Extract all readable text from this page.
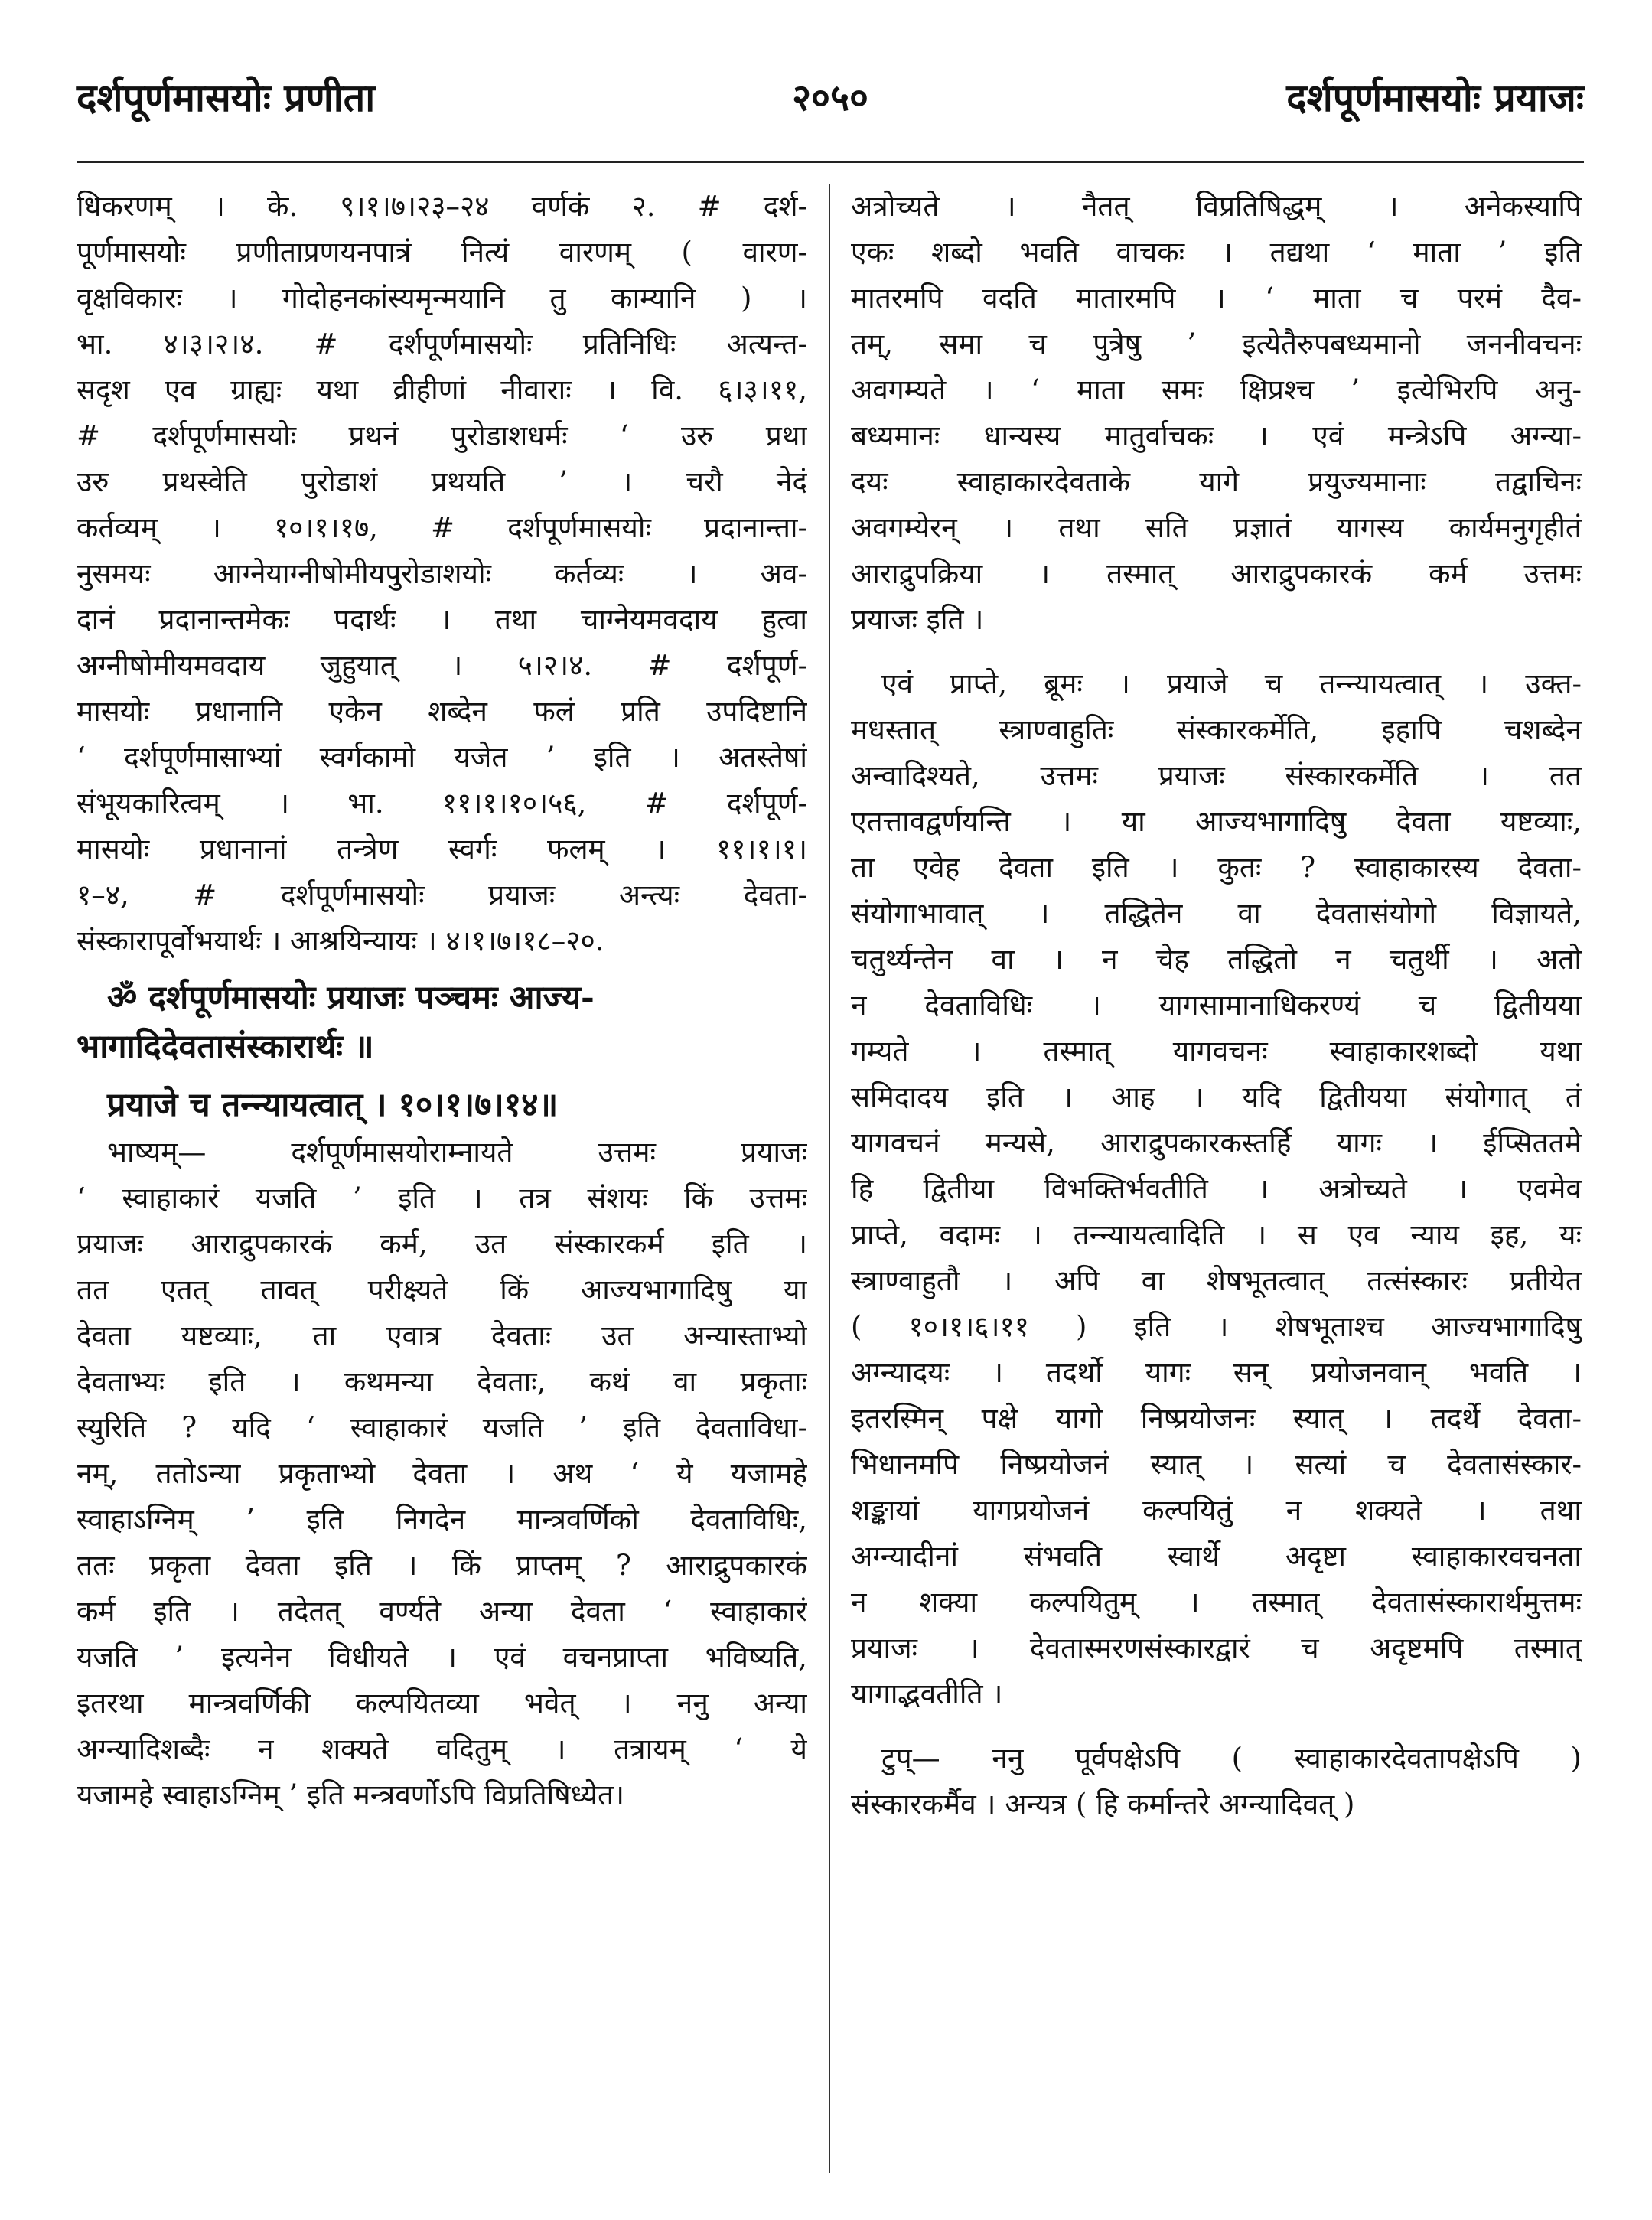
दर्शपूर्णमासयोः प्रणीता	२०५०	दर्शपूर्णमासयोः प्रयाजः
धिकरणम् । के. ९।१।७।२३–२४ वर्णकं २. # दर्श-
पूर्णमासयोः प्रणीताप्रणयनपात्रं नित्यं वारणम् ( वारण-
वृक्षविकारः । गोदोहनकांस्यमृन्मयानि तु काम्यानि ) ।
भा. ४।३।२।४. # दर्शपूर्णमासयोः प्रतिनिधिः अत्यन्त-
सदृश एव ग्राह्यः यथा व्रीहीणां नीवाराः । वि. ६।३।११,
# दर्शपूर्णमासयोः प्रथनं पुरोडाशधर्मः ‘ उरु प्रथा
उरु प्रथस्वेति पुरोडाशं प्रथयति ’ । चरौ नेदं
कर्तव्यम् । १०।१।१७, # दर्शपूर्णमासयोः प्रदानान्ता-
नुसमयः आग्नेयाग्नीषोमीयपुरोडाशयोः कर्तव्यः । अव-
दानं प्रदानान्तमेकः पदार्थः । तथा चाग्नेयमवदाय हुत्वा
अग्नीषोमीयमवदाय जुहुयात् । ५।२।४. # दर्शपूर्ण-
मासयोः प्रधानानि एकेन शब्देन फलं प्रति उपदिष्टानि
‘ दर्शपूर्णमासाभ्यां स्वर्गकामो यजेत ’ इति । अतस्तेषां
संभूयकारित्वम् । भा. ११।१।१०।५६, # दर्शपूर्ण-
मासयोः प्रधानानां तन्त्रेण स्वर्गः फलम् । ११।१।१।
१–४, # दर्शपूर्णमासयोः प्रयाजः अन्त्यः देवता-
संस्कारापूर्वोभयार्थः । आश्रयिन्यायः । ४।१।७।१८–२०.
ॐ दर्शपूर्णमासयोः प्रयाजः पञ्चमः आज्य-
भागादिदेवतासंस्कारार्थः ॥
प्रयाजे च तन्न्यायत्वात् । १०।१।७।१४॥
भाष्यम्— दर्शपूर्णमासयोराम्नायते उत्तमः प्रयाजः
‘ स्वाहाकारं यजति ’ इति । तत्र संशयः किं उत्तमः
प्रयाजः आराद्रुपकारकं कर्म, उत संस्कारकर्म इति ।
तत एतत् तावत् परीक्ष्यते किं आज्यभागादिषु या
देवता यष्टव्याः, ता एवात्र देवताः उत अन्यास्ताभ्यो
देवताभ्यः इति । कथमन्या देवताः, कथं वा प्रकृताः
स्युरिति ? यदि ‘ स्वाहाकारं यजति ’ इति देवताविधा-
नम्, ततोऽन्या प्रकृताभ्यो देवता । अथ ‘ ये यजामहे
स्वाहाऽग्निम् ’ इति निगदेन मान्त्रवर्णिको देवताविधिः,
ततः प्रकृता देवता इति । किं प्राप्तम् ? आराद्रुपकारकं
कर्म इति । तदेतत् वर्ण्यते अन्या देवता ‘ स्वाहाकारं
यजति ’ इत्यनेन विधीयते । एवं वचनप्राप्ता भविष्यति,
इतरथा मान्त्रवर्णिकी कल्पयितव्या भवेत् । ननु अन्या
अग्न्यादिशब्दैः न शक्यते वदितुम् । तत्रायम् ‘ ये
यजामहे स्वाहाऽग्निम् ’ इति मन्त्रवर्णोऽपि विप्रतिषिध्येत।
अत्रोच्यते । नैतत् विप्रतिषिद्धम् । अनेकस्यापि
एकः शब्दो भवति वाचकः । तद्यथा ‘ माता ’ इति
मातरमपि वदति मातारमपि । ‘ माता च परमं दैव-
तम्, समा च पुत्रेषु ’ इत्येतैरुपबध्यमानो जननीवचनः
अवगम्यते । ‘ माता समः क्षिप्रश्च ’ इत्येभिरपि अनु-
बध्यमानः धान्यस्य मातुर्वाचकः । एवं मन्त्रेऽपि अग्न्या-
दयः स्वाहाकारदेवताके यागे प्रयुज्यमानाः तद्वाचिनः
अवगम्येरन् । तथा सति प्रज्ञातं यागस्य कार्यमनुगृहीतं
आराद्रुपक्रिया । तस्मात् आराद्रुपकारकं कर्म उत्तमः
प्रयाजः इति ।
एवं प्राप्ते, ब्रूमः । प्रयाजे च तन्न्यायत्वात् । उक्त-
मधस्तात् स्त्राण्वाहुतिः संस्कारकर्मेति, इहापि चशब्देन
अन्वादिश्यते, उत्तमः प्रयाजः संस्कारकर्मेति । तत
एतत्तावद्वर्णयन्ति । या आज्यभागादिषु देवता यष्टव्याः,
ता एवेह देवता इति । कुतः ? स्वाहाकारस्य देवता-
संयोगाभावात् । तद्धितेन वा देवतासंयोगो विज्ञायते,
चतुर्थ्यन्तेन वा । न चेह तद्धितो न चतुर्थी । अतो
न देवताविधिः । यागसामानाधिकरण्यं च द्वितीयया
गम्यते । तस्मात् यागवचनः स्वाहाकारशब्दो यथा
समिदादय इति । आह । यदि द्वितीयया संयोगात् तं
यागवचनं मन्यसे, आराद्रुपकारकस्तर्हि यागः । ईप्सिततमे
हि द्वितीया विभक्तिर्भवतीति । अत्रोच्यते । एवमेव
प्राप्ते, वदामः । तन्न्यायत्वादिति । स एव न्याय इह, यः
स्त्राण्वाहुतौ । अपि वा शेषभूतत्वात् तत्संस्कारः प्रतीयेत
( १०।१।६।११ ) इति । शेषभूताश्च आज्यभागादिषु
अग्न्यादयः । तदर्थो यागः सन् प्रयोजनवान् भवति ।
इतरस्मिन् पक्षे यागो निष्प्रयोजनः स्यात् । तदर्थे देवता-
भिधानमपि निष्प्रयोजनं स्यात् । सत्यां च देवतासंस्कार-
शङ्कायां यागप्रयोजनं कल्पयितुं न शक्यते । तथा
अग्न्यादीनां संभवति स्वार्थे अदृष्टा स्वाहाकारवचनता
न शक्या कल्पयितुम् । तस्मात् देवतासंस्कारार्थमुत्तमः
प्रयाजः । देवतास्मरणसंस्कारद्वारं च अदृष्टमपि तस्मात्
यागाद्भवतीति ।
टुप्— ननु पूर्वपक्षेऽपि ( स्वाहाकारदेवतापक्षेऽपि )
संस्कारकर्मैव । अन्यत्र ( हि कर्मान्तरे अग्न्यादिवत् )
